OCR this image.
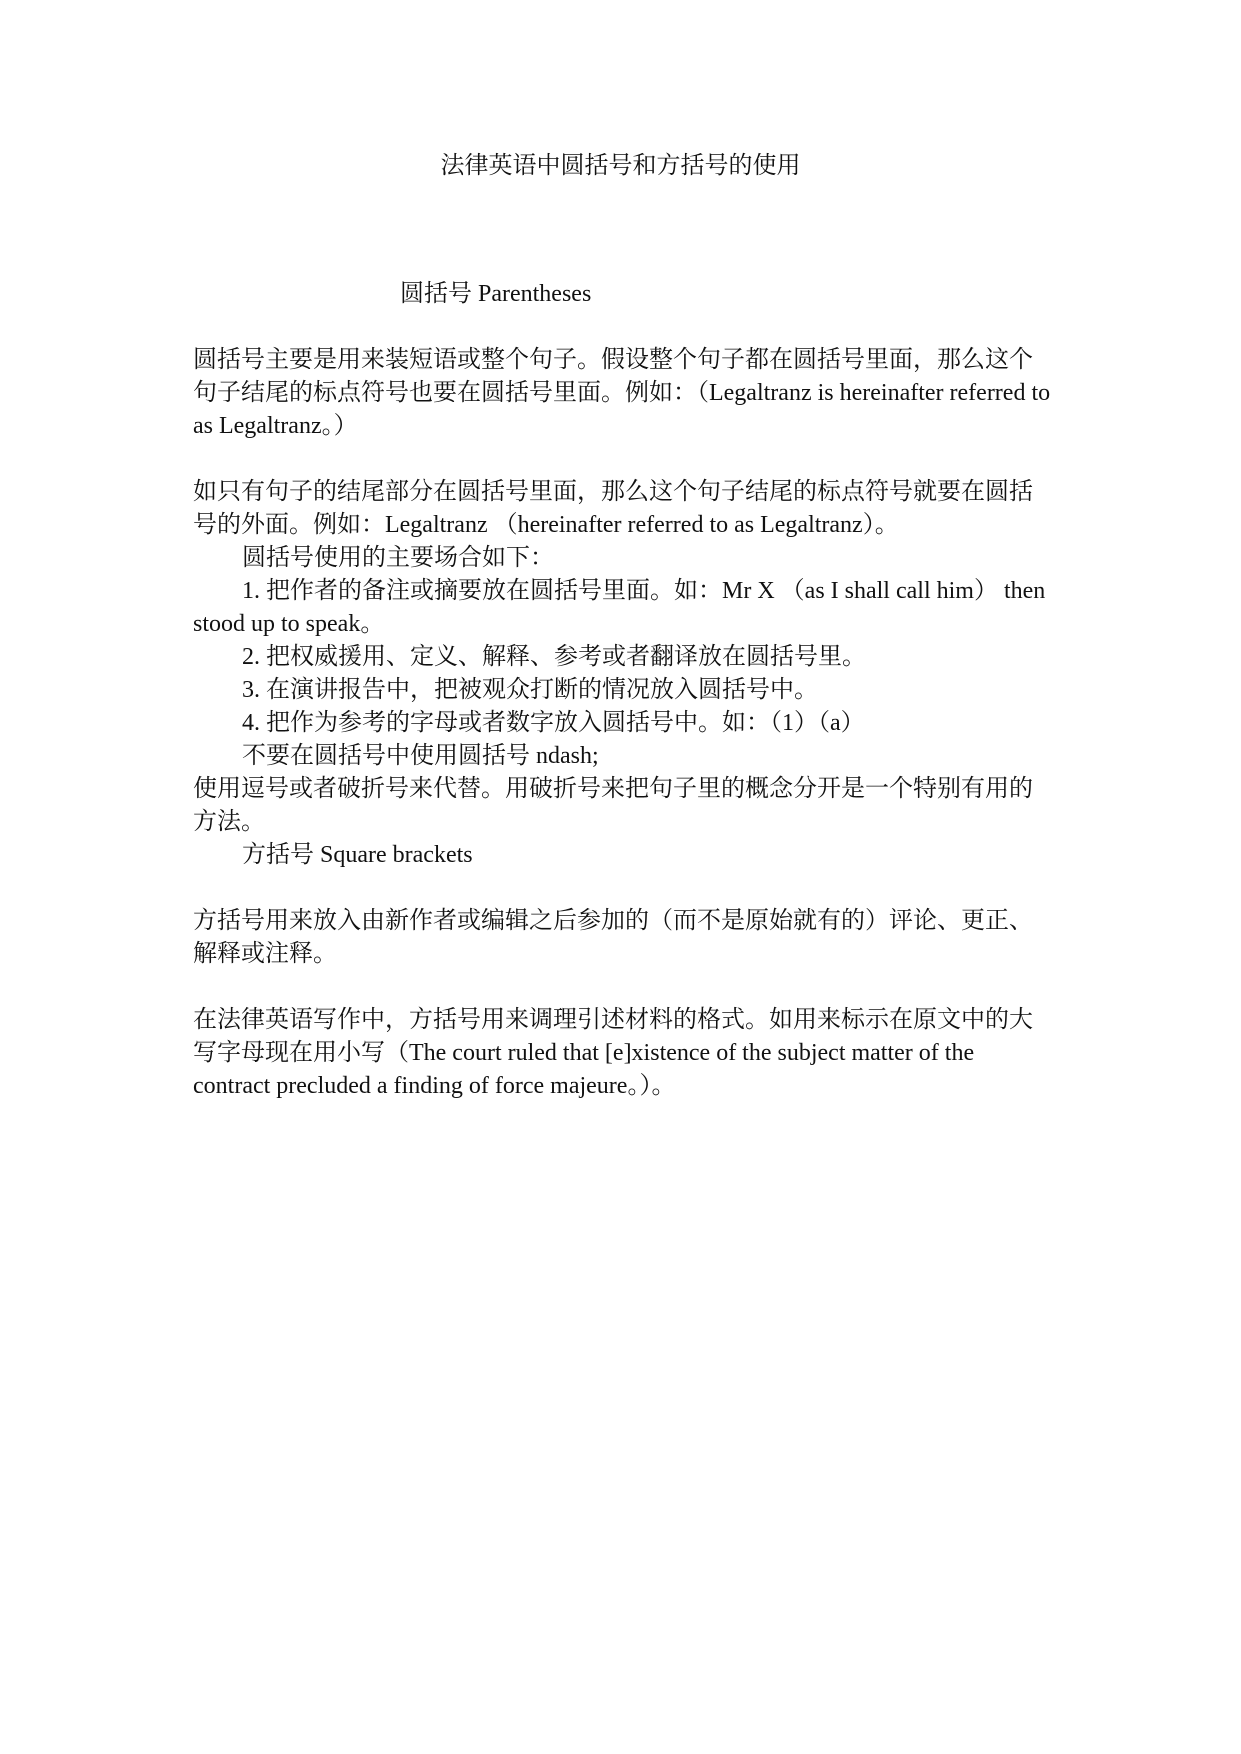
法律英语中圆括号和方括号的使用

圆括号 Parentheses

圆括号主要是用来装短语或整个句子。假设整个句子都在圆括号里面，那么这个句子结尾的标点符号也要在圆括号里面。例如：（Legaltranz is hereinafter referred to as Legaltranz。）

如只有句子的结尾部分在圆括号里面，那么这个句子结尾的标点符号就要在圆括号的外面。例如：Legaltranz （hereinafter referred to as Legaltranz）。

圆括号使用的主要场合如下：

1. 把作者的备注或摘要放在圆括号里面。如：Mr X （as I shall call him） then stood up to speak。

2. 把权威援用、定义、解释、参考或者翻译放在圆括号里。

3. 在演讲报告中，把被观众打断的情况放入圆括号中。

4. 把作为参考的字母或者数字放入圆括号中。如：（1）（a）

不要在圆括号中使用圆括号 ndash;

使用逗号或者破折号来代替。用破折号来把句子里的概念分开是一个特别有用的方法。

方括号 Square brackets

方括号用来放入由新作者或编辑之后参加的（而不是原始就有的）评论、更正、解释或注释。

在法律英语写作中，方括号用来调理引述材料的格式。如用来标示在原文中的大写字母现在用小写（The court ruled that [e]xistence of the subject matter of the contract precluded a finding of force majeure。）。
